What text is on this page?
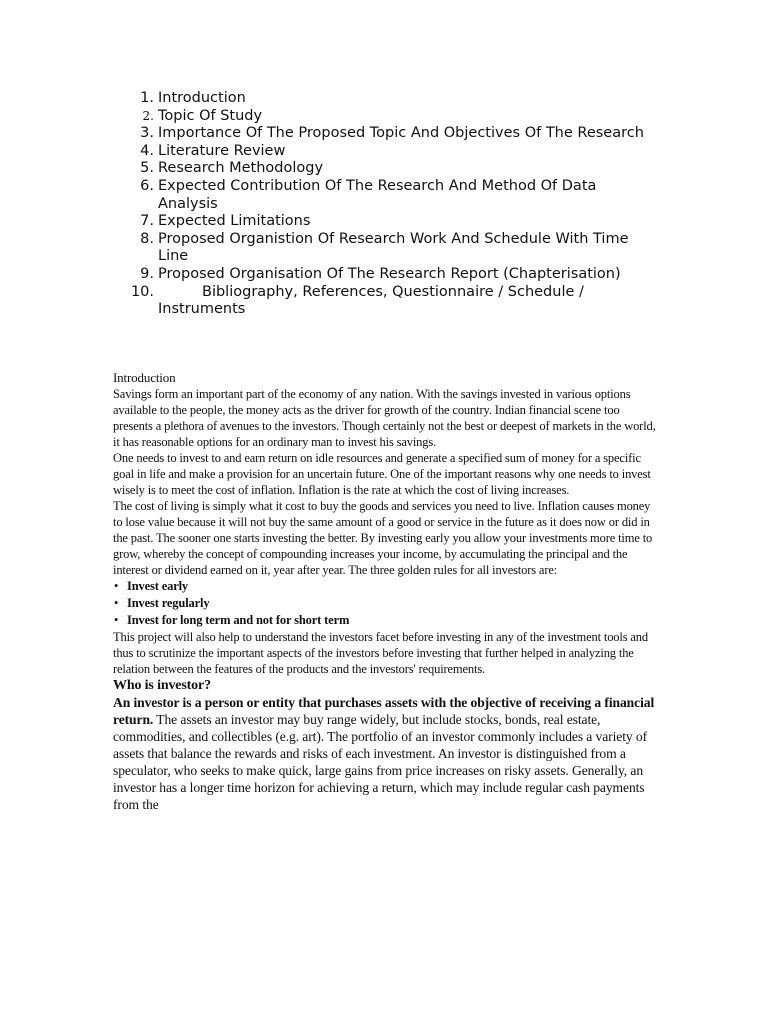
1. Introduction
2. Topic Of Study
3. Importance Of The Proposed Topic And Objectives Of The Research
4. Literature Review
5. Research Methodology
6. Expected Contribution Of The Research And Method Of Data Analysis
7. Expected Limitations
8. Proposed Organistion Of Research Work And Schedule With Time Line
9. Proposed Organisation Of The Research Report (Chapterisation)
10.	Bibliography, References, Questionnaire / Schedule / Instruments

Introduction

Savings form an important part of the economy of any nation. With the savings invested in various options available to the people, the money acts as the driver for growth of the country. Indian financial scene too presents a plethora of avenues to the investors. Though certainly not the best or deepest of markets in the world, it has reasonable options for an ordinary man to invest his savings.

One needs to invest to and earn return on idle resources and generate a specified sum of money for a specific goal in life and make a provision for an uncertain future. One of the important reasons why one needs to invest wisely is to meet the cost of inflation. Inflation is the rate at which the cost of living increases.

The cost of living is simply what it cost to buy the goods and services you need to live. Inflation causes money to lose value because it will not buy the same amount of a good or service in the future as it does now or did in the past. The sooner one starts investing the better. By investing early you allow your investments more time to grow, whereby the concept of compounding increases your income, by accumulating the principal and the interest or dividend earned on it, year after year. The three golden rules for all investors are:

• Invest early
• Invest regularly
• Invest for long term and not for short term

This project will also help to understand the investors facet before investing in any of the investment tools and thus to scrutinize the important aspects of the investors before investing that further helped in analyzing the relation between the features of the products and the investors' requirements.

Who is investor?

An investor is a person or entity that purchases assets with the objective of receiving a financial return. The assets an investor may buy range widely, but include stocks, bonds, real estate, commodities, and collectibles (e.g. art). The portfolio of an investor commonly includes a variety of assets that balance the rewards and risks of each investment. An investor is distinguished from a speculator, who seeks to make quick, large gains from price increases on risky assets. Generally, an investor has a longer time horizon for achieving a return, which may include regular cash payments from the
